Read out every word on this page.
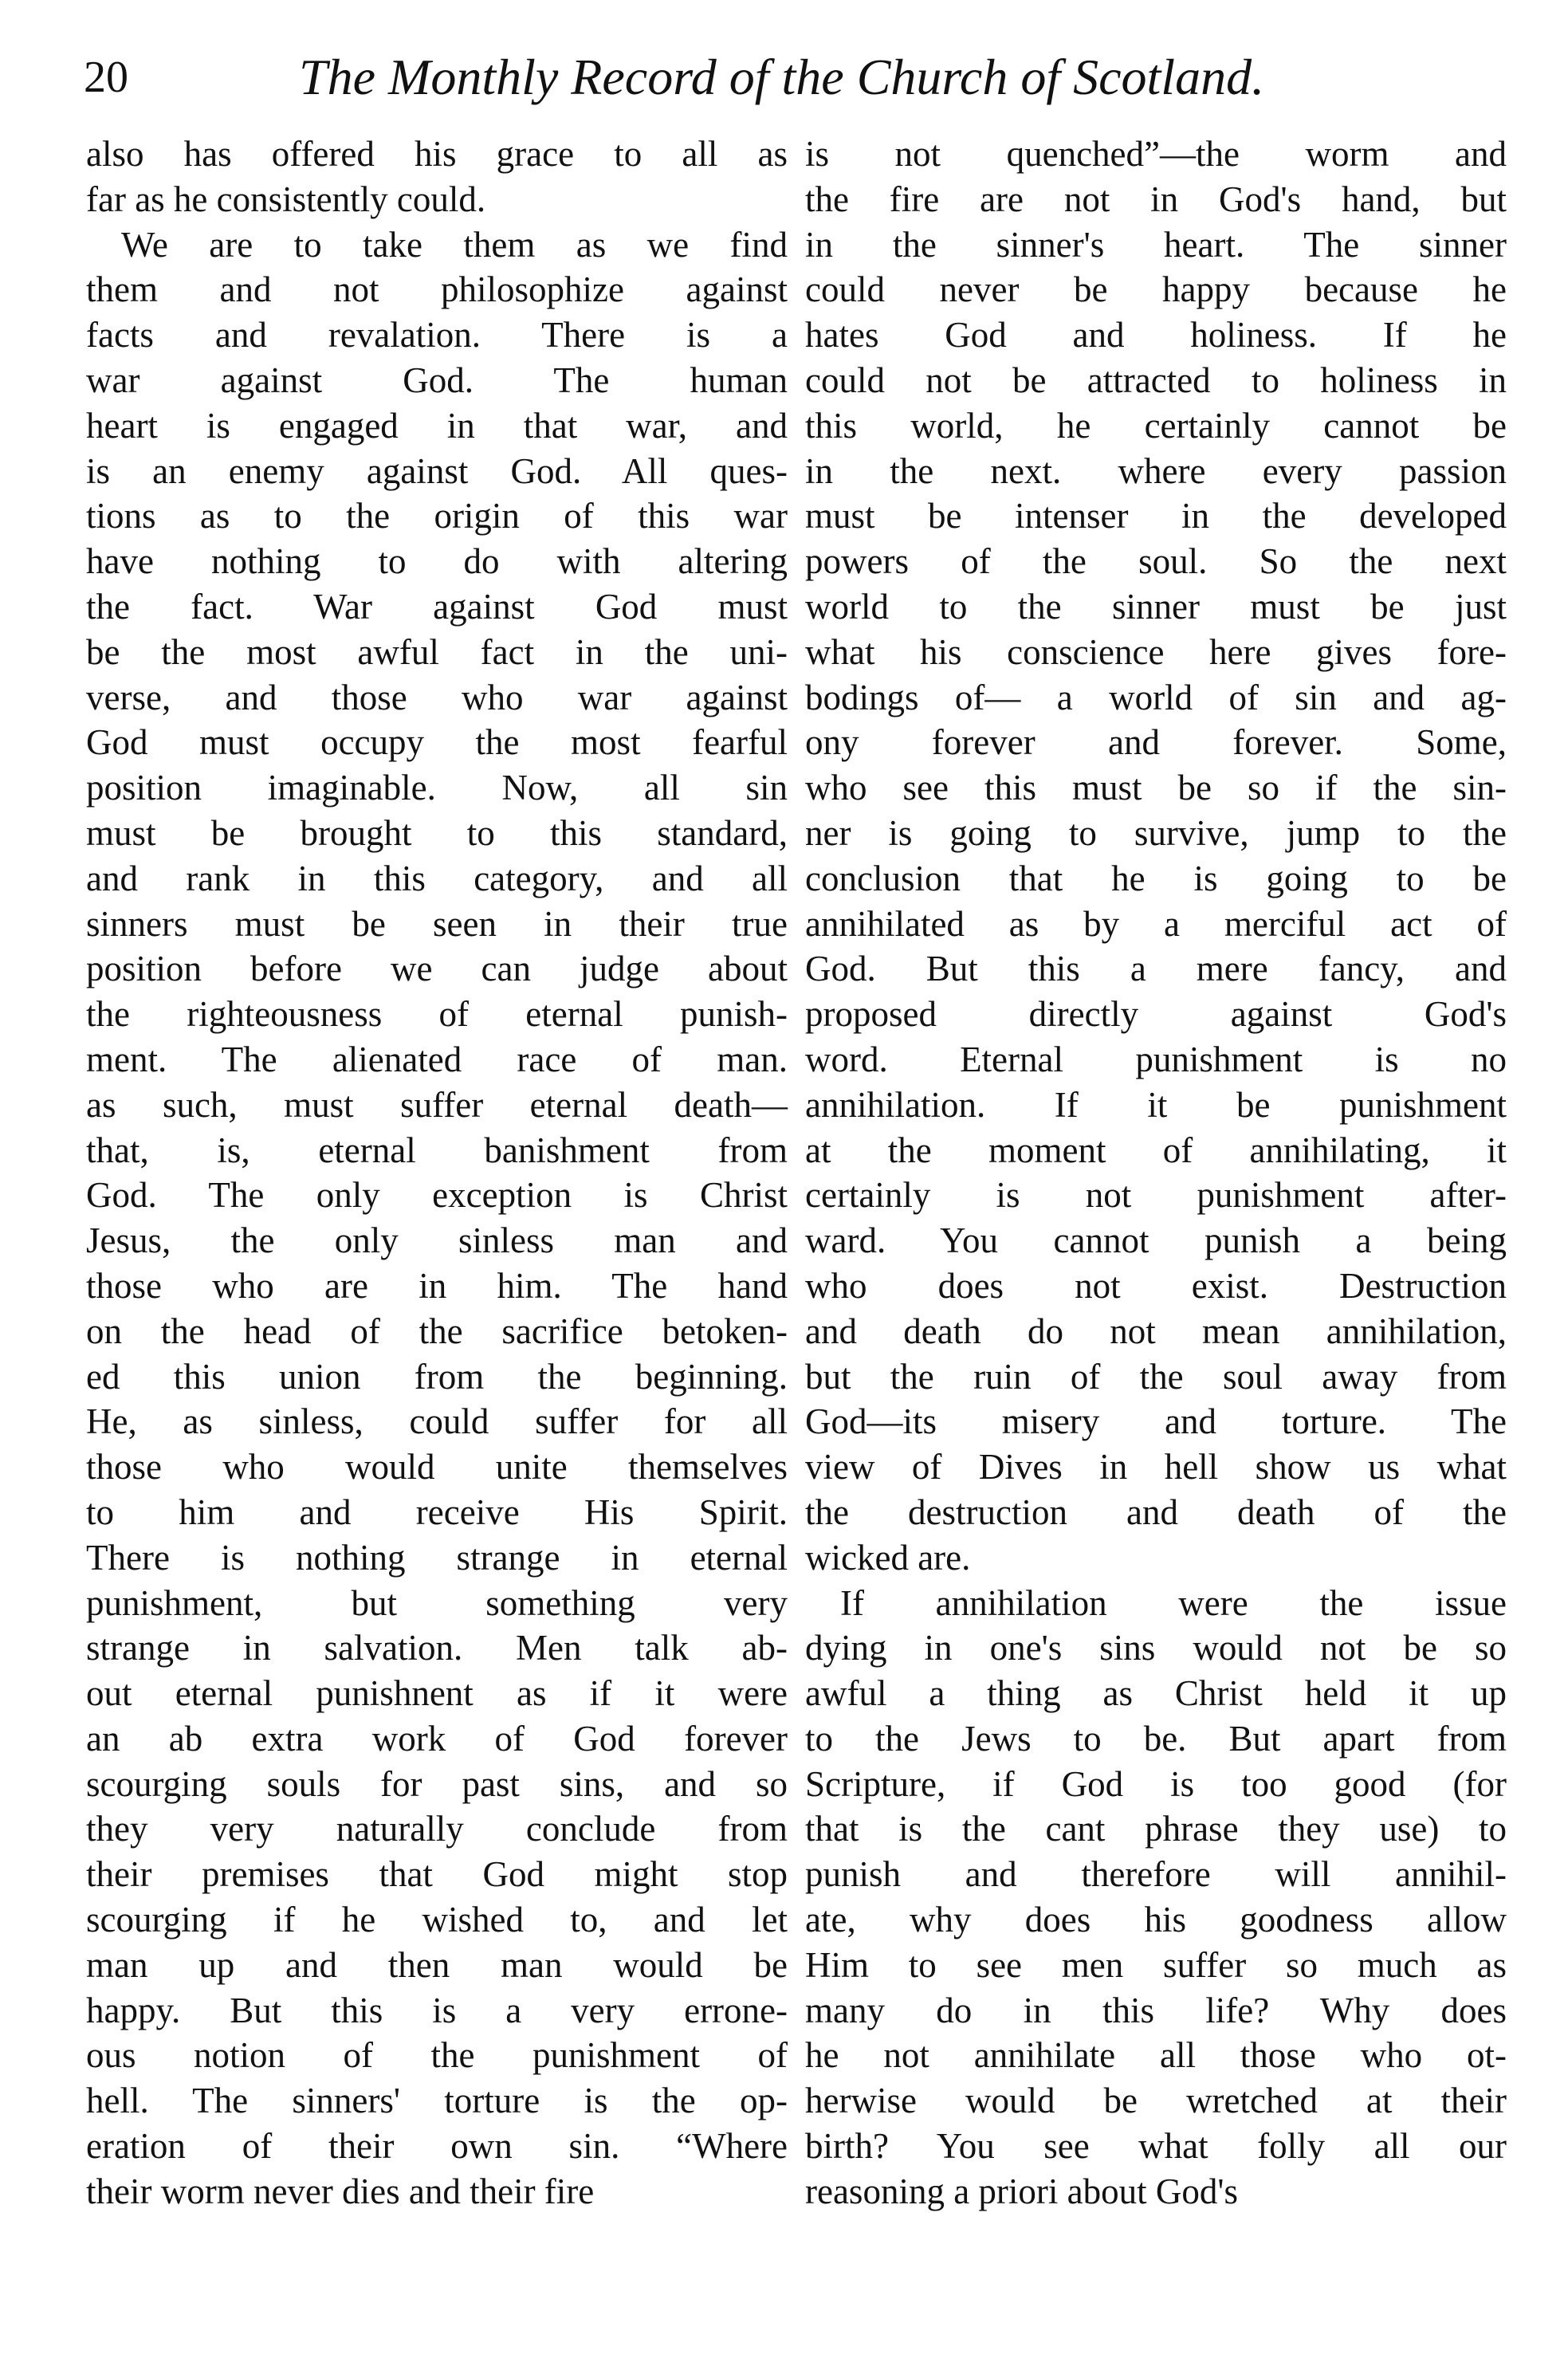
20	The Monthly Record of the Church of Scotland.
also has offered his grace to all as
far as he consistently could.
We are to take them as we find
them and not philosophize against
facts and revalation. There is a
war against God. The human
heart is engaged in that war, and
is an enemy against God. All ques-
tions as to the origin of this war
have nothing to do with altering
the fact. War against God must
be the most awful fact in the uni-
verse, and those who war against
God must occupy the most fearful
position imaginable. Now, all sin
must be brought to this standard,
and rank in this category, and all
sinners must be seen in their true
position before we can judge about
the righteousness of eternal punish-
ment. The alienated race of man.
as such, must suffer eternal death—
that, is, eternal banishment from
God. The only exception is Christ
Jesus, the only sinless man and
those who are in him. The hand
on the head of the sacrifice betoken-
ed this union from the beginning.
He, as sinless, could suffer for all
those who would unite themselves
to him and receive His Spirit.
There is nothing strange in eternal
punishment, but something very
strange in salvation. Men talk ab-
out eternal punishnent as if it were
an ab extra work of God forever
scourging souls for past sins, and so
they very naturally conclude from
their premises that God might stop
scourging if he wished to, and let
man up and then man would be
happy. But this is a very errone-
ous notion of the punishment of
hell. The sinners' torture is the op-
eration of their own sin. “Where
their worm never dies and their fire
is not quenched”—the worm and
the fire are not in God's hand, but
in the sinner's heart. The sinner
could never be happy because he
hates God and holiness. If he
could not be attracted to holiness in
this world, he certainly cannot be
in the next. where every passion
must be intenser in the developed
powers of the soul. So the next
world to the sinner must be just
what his conscience here gives fore-
bodings of— a world of sin and ag-
ony forever and forever. Some,
who see this must be so if the sin-
ner is going to survive, jump to the
conclusion that he is going to be
annihilated as by a merciful act of
God. But this a mere fancy, and
proposed directly against God's
word. Eternal punishment is no
annihilation. If it be punishment
at the moment of annihilating, it
certainly is not punishment after-
ward. You cannot punish a being
who does not exist. Destruction
and death do not mean annihilation,
but the ruin of the soul away from
God—its misery and torture. The
view of Dives in hell show us what
the destruction and death of the
wicked are.
If annihilation were the issue
dying in one's sins would not be so
awful a thing as Christ held it up
to the Jews to be. But apart from
Scripture, if God is too good (for
that is the cant phrase they use) to
punish and therefore will annihil-
ate, why does his goodness allow
Him to see men suffer so much as
many do in this life? Why does
he not annihilate all those who ot-
herwise would be wretched at their
birth? You see what folly all our
reasoning a priori about God's
